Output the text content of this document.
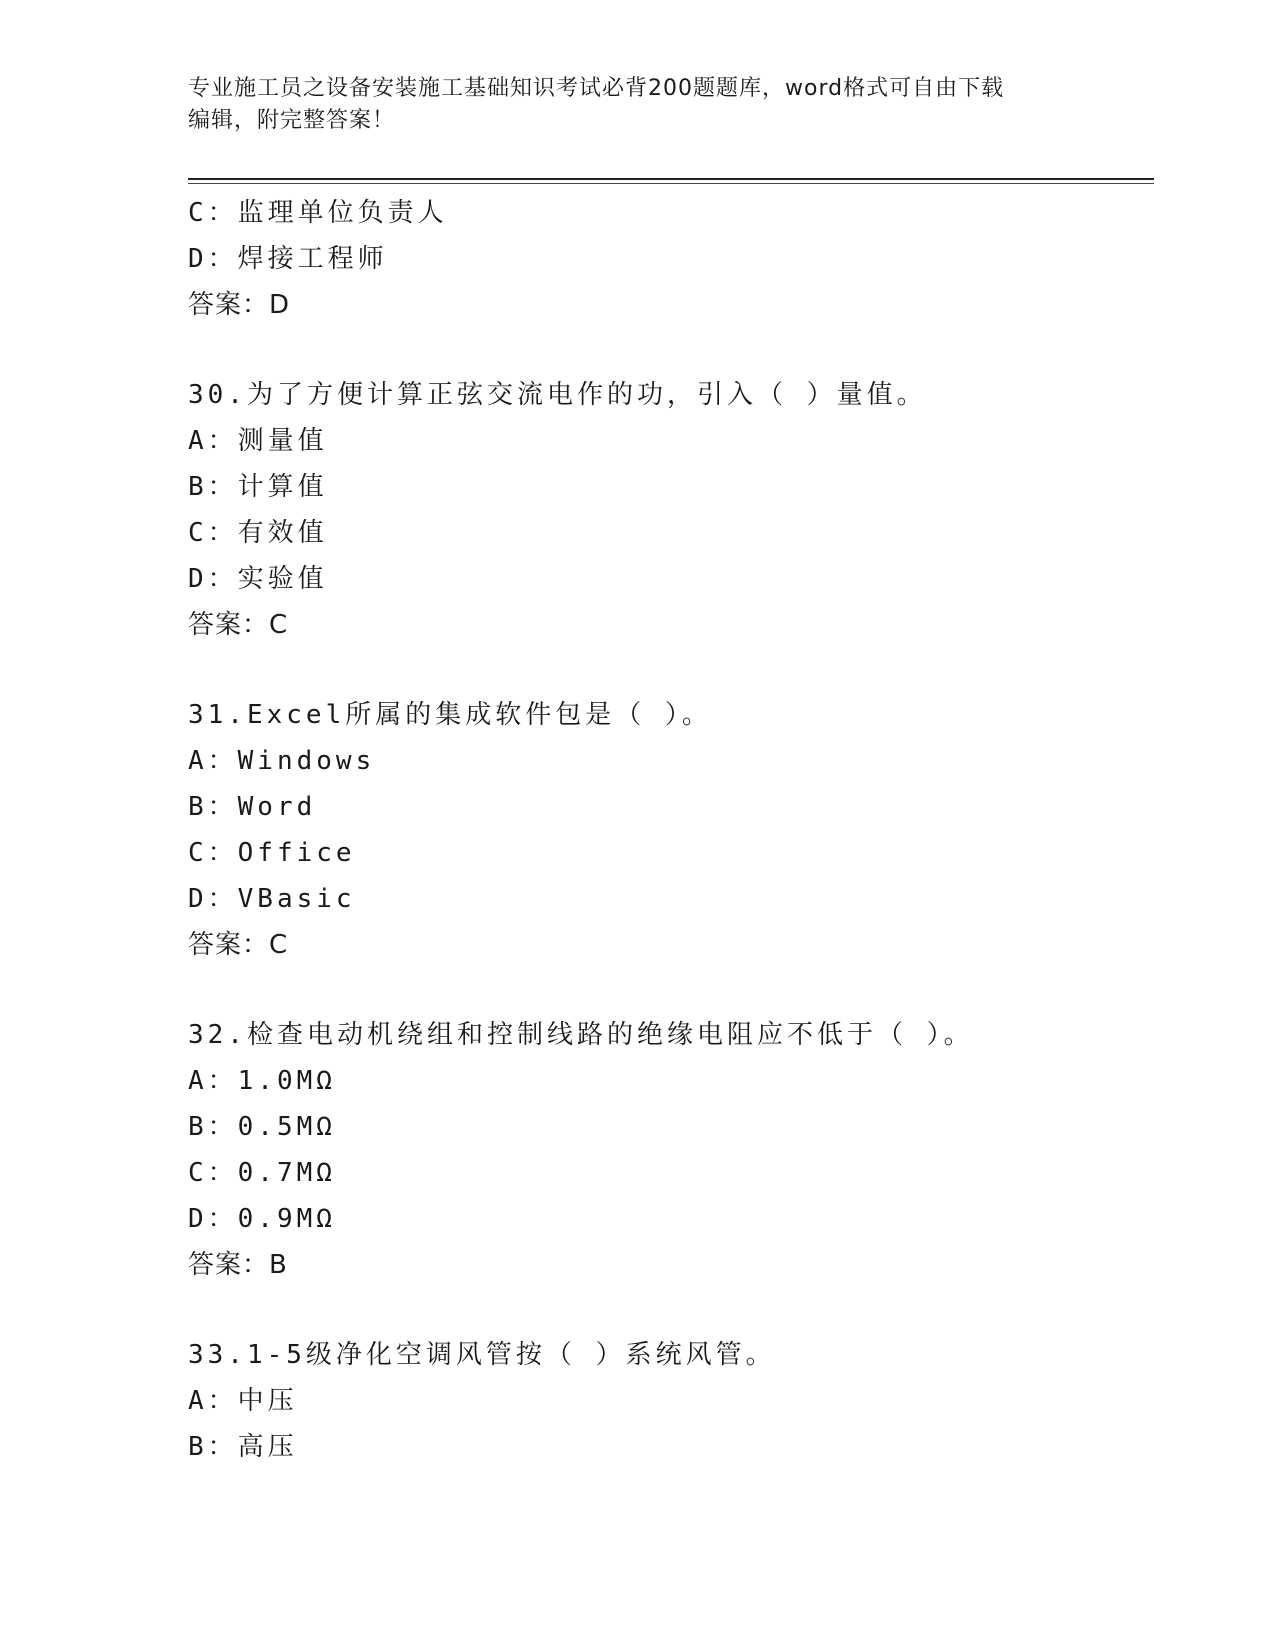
专业施工员之设备安装施工基础知识考试必背200题题库，word格式可自由下载
编辑，附完整答案！
C：监理单位负责人
D：焊接工程师
答案：D
30.为了方便计算正弦交流电作的功，引入（ ）量值。
A：测量值
B：计算值
C：有效值
D：实验值
答案：C
31.Excel所属的集成软件包是（ ）。
A：Windows
B：Word
C：Office
D：VBasic
答案：C
32.检查电动机绕组和控制线路的绝缘电阻应不低于（ ）。
A：1.0MΩ
B：0.5MΩ
C：0.7MΩ
D：0.9MΩ
答案：B
33.1-5级净化空调风管按（ ）系统风管。
A：中压
B：高压
